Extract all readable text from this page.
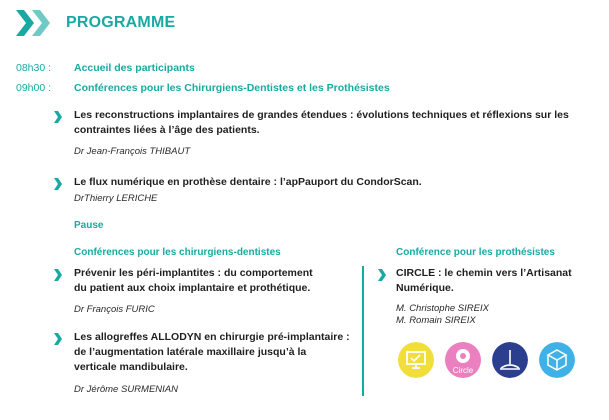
PROGRAMME
08h30 : Accueil des participants
09h00 : Conférences pour les Chirurgiens-Dentistes et les Prothésistes
Les reconstructions implantaires de grandes étendues : évolutions techniques et réflexions sur les
contraintes liées à l’âge des patients.
Dr Jean-François THIBAUT
Le flux numérique en prothèse dentaire : l’apPauport du CondorScan.
DrThierry LERICHE
Pause
Conférences pour les chirurgiens-dentistes
Prévenir les péri-implantites : du comportement
du patient aux choix implantaire et prothétique.
Dr François FURIC
Les allogreffes ALLODYN en chirurgie pré-implantaire :
de l’augmentation latérale maxillaire jusqu’à la
verticale mandibulaire.
Dr Jérôme SURMENIAN
Conférence pour les prothésistes
CIRCLE : le chemin vers l’Artisanat
Numérique.
M. Christophe SIREIX
M. Romain SIREIX
Circle
